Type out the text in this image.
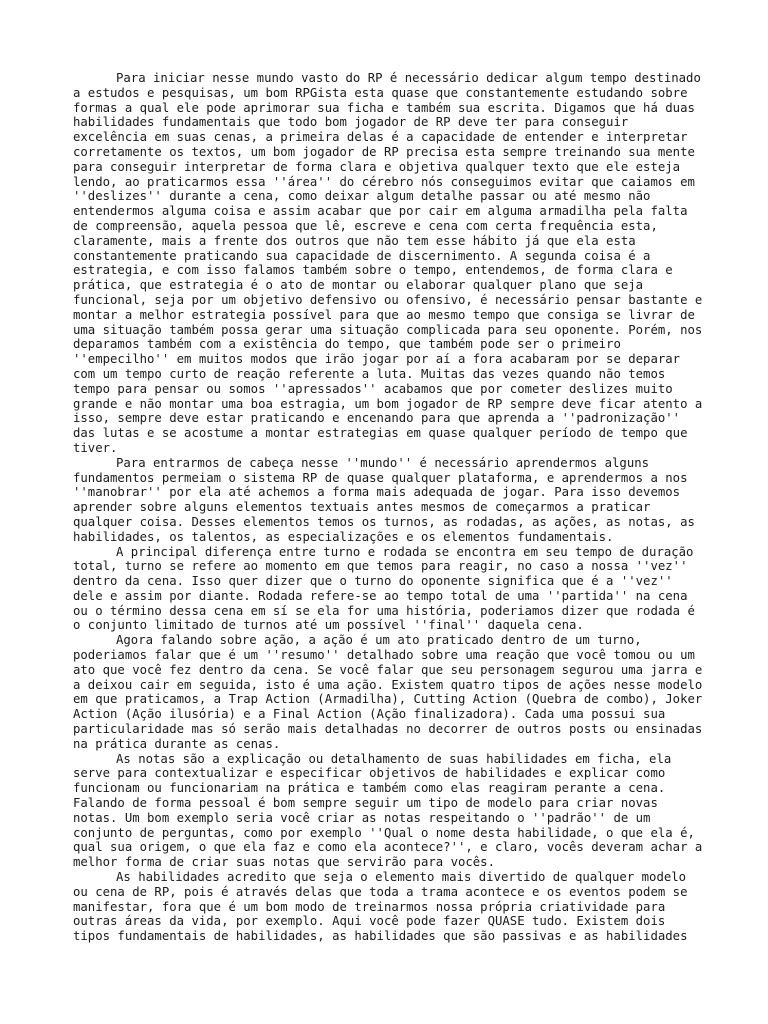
Para iniciar nesse mundo vasto do RP é necessário dedicar algum tempo destinado a estudos e pesquisas, um bom RPGista esta quase que constantemente estudando sobre formas a qual ele pode aprimorar sua ficha e também sua escrita. Digamos que há duas habilidades fundamentais que todo bom jogador de RP deve ter para conseguir excelência em suas cenas, a primeira delas é a capacidade de entender e interpretar corretamente os textos, um bom jogador de RP precisa esta sempre treinando sua mente para conseguir interpretar de forma clara e objetiva qualquer texto que ele esteja lendo, ao praticarmos essa ''área'' do cérebro nós conseguimos evitar que caiamos em ''deslizes'' durante a cena, como deixar algum detalhe passar ou até mesmo não entendermos alguma coisa e assim acabar que por cair em alguma armadilha pela falta de compreensão, aquela pessoa que lê, escreve e cena com certa frequência esta, claramente, mais a frente dos outros que não tem esse hábito já que ela esta constantemente praticando sua capacidade de discernimento. A segunda coisa é a estrategia, e com isso falamos também sobre o tempo, entendemos, de forma clara e prática, que estrategia é o ato de montar ou elaborar qualquer plano que seja funcional, seja por um objetivo defensivo ou ofensivo, é necessário pensar bastante e montar a melhor estrategia possível para que ao mesmo tempo que consiga se livrar de uma situação também possa gerar uma situação complicada para seu oponente. Porém, nos deparamos também com a existência do tempo, que também pode ser o primeiro ''empecilho'' em muitos modos que irão jogar por aí a fora acabaram por se deparar com um tempo curto de reação referente a luta. Muitas das vezes quando não temos tempo para pensar ou somos ''apressados'' acabamos que por cometer deslizes muito grande e não montar uma boa estragia, um bom jogador de RP sempre deve ficar atento a isso, sempre deve estar praticando e encenando para que aprenda a ''padronização'' das lutas e se acostume a montar estrategias em quase qualquer período de tempo que tiver.

Para entrarmos de cabeça nesse ''mundo'' é necessário aprendermos alguns fundamentos permeiam o sistema RP de quase qualquer plataforma, e aprendermos a nos ''manobrar'' por ela até achemos a forma mais adequada de jogar. Para isso devemos aprender sobre alguns elementos textuais antes mesmos de começarmos a praticar qualquer coisa. Desses elementos temos os turnos, as rodadas, as ações, as notas, as habilidades, os talentos, as especializações e os elementos fundamentais.

A principal diferença entre turno e rodada se encontra em seu tempo de duração total, turno se refere ao momento em que temos para reagir, no caso a nossa ''vez'' dentro da cena. Isso quer dizer que o turno do oponente significa que é a ''vez'' dele e assim por diante. Rodada refere-se ao tempo total de uma ''partida'' na cena ou o término dessa cena em sí se ela for uma história, poderiamos dizer que rodada é o conjunto limitado de turnos até um possível ''final'' daquela cena.

Agora falando sobre ação, a ação é um ato praticado dentro de um turno, poderiamos falar que é um ''resumo'' detalhado sobre uma reação que você tomou ou um ato que você fez dentro da cena. Se você falar que seu personagem segurou uma jarra e a deixou cair em seguida, isto é uma ação. Existem quatro tipos de ações nesse modelo em que praticamos, a Trap Action (Armadilha), Cutting Action (Quebra de combo), Joker Action (Ação ilusória) e a Final Action (Ação finalizadora). Cada uma possui sua particularidade mas só serão mais detalhadas no decorrer de outros posts ou ensinadas na prática durante as cenas.

As notas são a explicação ou detalhamento de suas habilidades em ficha, ela serve para contextualizar e especificar objetivos de habilidades e explicar como funcionam ou funcionariam na prática e também como elas reagiram perante a cena. Falando de forma pessoal é bom sempre seguir um tipo de modelo para criar novas notas. Um bom exemplo seria você criar as notas respeitando o ''padrão'' de um conjunto de perguntas, como por exemplo ''Qual o nome desta habilidade, o que ela é, qual sua origem, o que ela faz e como ela acontece?'', e claro, vocês deveram achar a melhor forma de criar suas notas que servirão para vocês.

As habilidades acredito que seja o elemento mais divertido de qualquer modelo ou cena de RP, pois é através delas que toda a trama acontece e os eventos podem se manifestar, fora que é um bom modo de treinarmos nossa própria criatividade para outras áreas da vida, por exemplo. Aqui você pode fazer QUASE tudo. Existem dois tipos fundamentais de habilidades, as habilidades que são passivas e as habilidades
